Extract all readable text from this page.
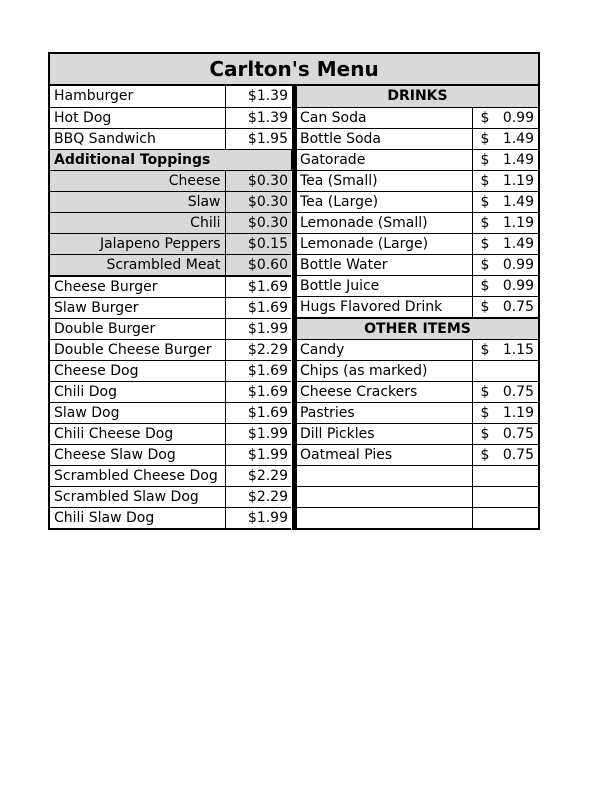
Carlton's Menu
Hamburger	$1.39
Hot Dog	$1.39
BBQ Sandwich	$1.95
Additional Toppings	
Cheese	$0.30
Slaw	$0.30
Chili	$0.30
Jalapeno Peppers	$0.15
Scrambled Meat	$0.60
Cheese Burger	$1.69
Slaw Burger	$1.69
Double Burger	$1.99
Double Cheese Burger	$2.29
Cheese Dog	$1.69
Chili Dog	$1.69
Slaw Dog	$1.69
Chili Cheese Dog	$1.99
Cheese Slaw Dog	$1.99
Scrambled Cheese Dog	$2.29
Scrambled Slaw Dog	$2.29
Chili Slaw Dog	$1.99
DRINKS	
Can Soda	$ 0.99

Bottle Soda	$ 1.49

Gatorade	$ 1.49

Tea (Small)	$ 1.19

Tea (Large)	$ 1.49

Lemonade (Small)	$ 1.19

Lemonade (Large)	$ 1.49

Bottle Water	$ 0.99

Bottle Juice	$ 0.99

Hugs Flavored Drink	$ 0.75

OTHER ITEMS	
Candy	$ 1.15

Chips (as marked)	

Cheese Crackers	$ 0.75

Pastries	$ 1.19

Dill Pickles	$ 0.75

Oatmeal Pies	$ 0.75
